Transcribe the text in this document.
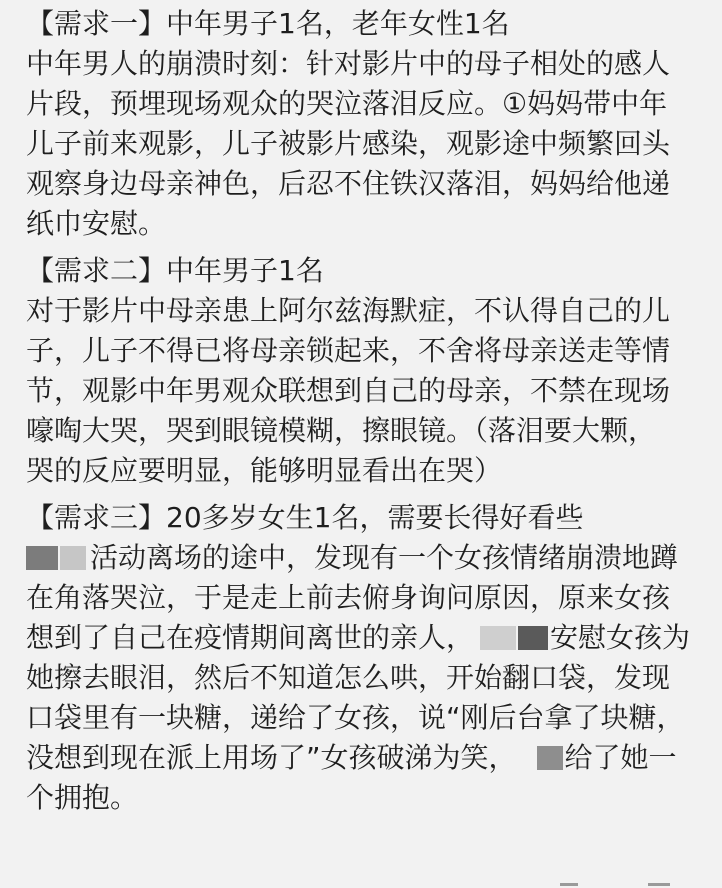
【需求一】中年男子1名，老年女性1名
中年男人的崩溃时刻：针对影片中的母子相处的感人
片段，预埋现场观众的哭泣落泪反应。①妈妈带中年
儿子前来观影，儿子被影片感染，观影途中频繁回头
观察身边母亲神色，后忍不住铁汉落泪，妈妈给他递
纸巾安慰。
【需求二】中年男子1名
对于影片中母亲患上阿尔兹海默症，不认得自己的儿
子，儿子不得已将母亲锁起来，不舍将母亲送走等情
节，观影中年男观众联想到自己的母亲，不禁在现场
嚎啕大哭，哭到眼镜模糊，擦眼镜。（落泪要大颗，
哭的反应要明显，能够明显看出在哭）
【需求三】20多岁女生1名，需要长得好看些
活动离场的途中，发现有一个女孩情绪崩溃地蹲
在角落哭泣，于是走上前去俯身询问原因，原来女孩
想到了自己在疫情期间离世的亲人，	安慰女孩为
她擦去眼泪，然后不知道怎么哄，开始翻口袋，发现
口袋里有一块糖，递给了女孩，说“刚后台拿了块糖，
没想到现在派上用场了”女孩破涕为笑， 给了她一
个拥抱。
